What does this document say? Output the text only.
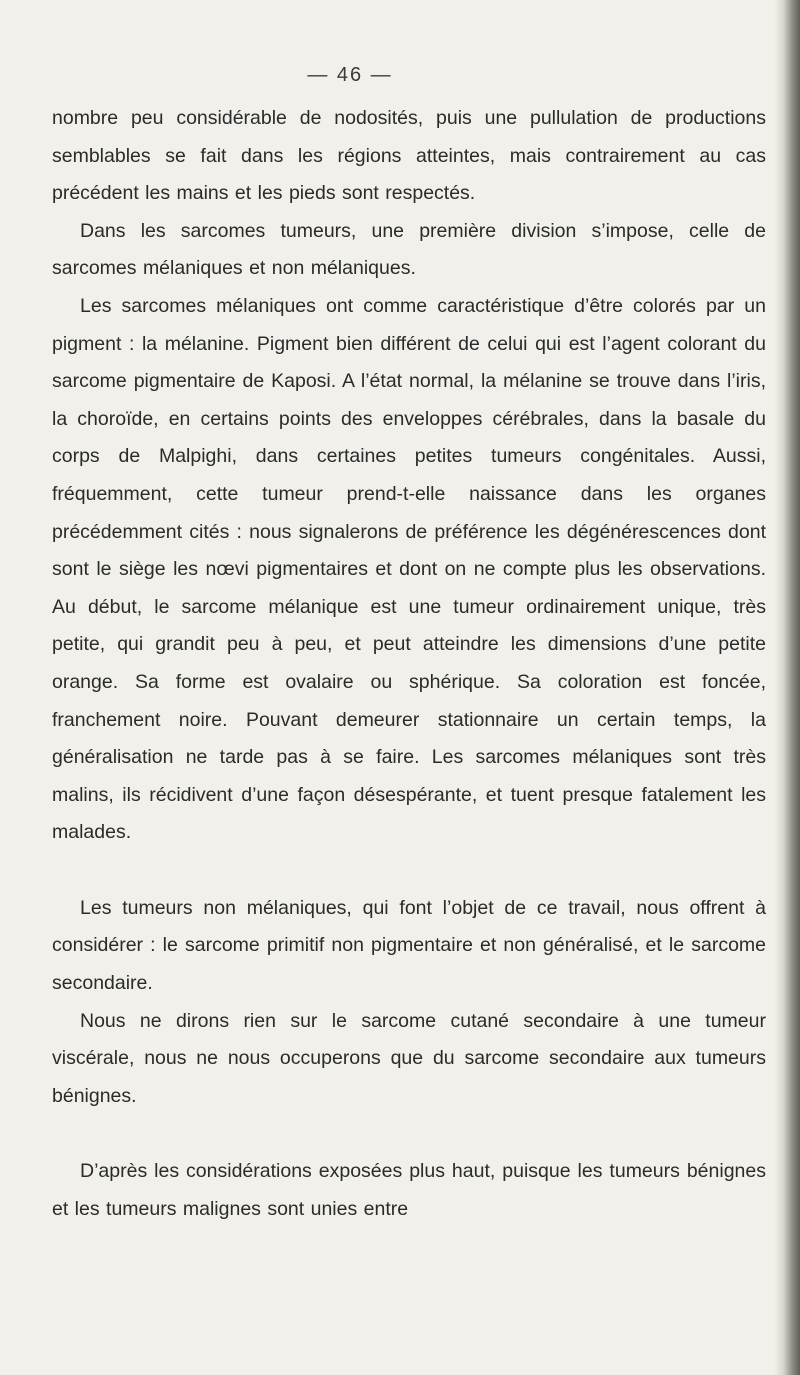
— 46 —

nombre peu considérable de nodosités, puis une pullulation de productions semblables se fait dans les régions atteintes, mais contrairement au cas précédent les mains et les pieds sont respectés.

Dans les sarcomes tumeurs, une première division s’impose, celle de sarcomes mélaniques et non mélaniques.

Les sarcomes mélaniques ont comme caractéristique d’être colorés par un pigment : la mélanine. Pigment bien différent de celui qui est l’agent colorant du sarcome pigmentaire de Kaposi. A l’état normal, la mélanine se trouve dans l’iris, la choroïde, en certains points des enveloppes cérébrales, dans la basale du corps de Malpighi, dans certaines petites tumeurs congénitales. Aussi, fréquemment, cette tumeur prend-t-elle naissance dans les organes précédemment cités : nous signalerons de préférence les dégénérescences dont sont le siège les nœvi pigmentaires et dont on ne compte plus les observations. Au début, le sarcome mélanique est une tumeur ordinairement unique, très petite, qui grandit peu à peu, et peut atteindre les dimensions d’une petite orange. Sa forme est ovalaire ou sphérique. Sa coloration est foncée, franchement noire. Pouvant demeurer stationnaire un certain temps, la généralisation ne tarde pas à se faire. Les sarcomes mélaniques sont très malins, ils récidivent d’une façon désespérante, et tuent presque fatalement les malades.

Les tumeurs non mélaniques, qui font l’objet de ce travail, nous offrent à considérer : le sarcome primitif non pigmentaire et non généralisé, et le sarcome secondaire.

Nous ne dirons rien sur le sarcome cutané secondaire à une tumeur viscérale, nous ne nous occuperons que du sarcome secondaire aux tumeurs bénignes.

D’après les considérations exposées plus haut, puisque les tumeurs bénignes et les tumeurs malignes sont unies entre
